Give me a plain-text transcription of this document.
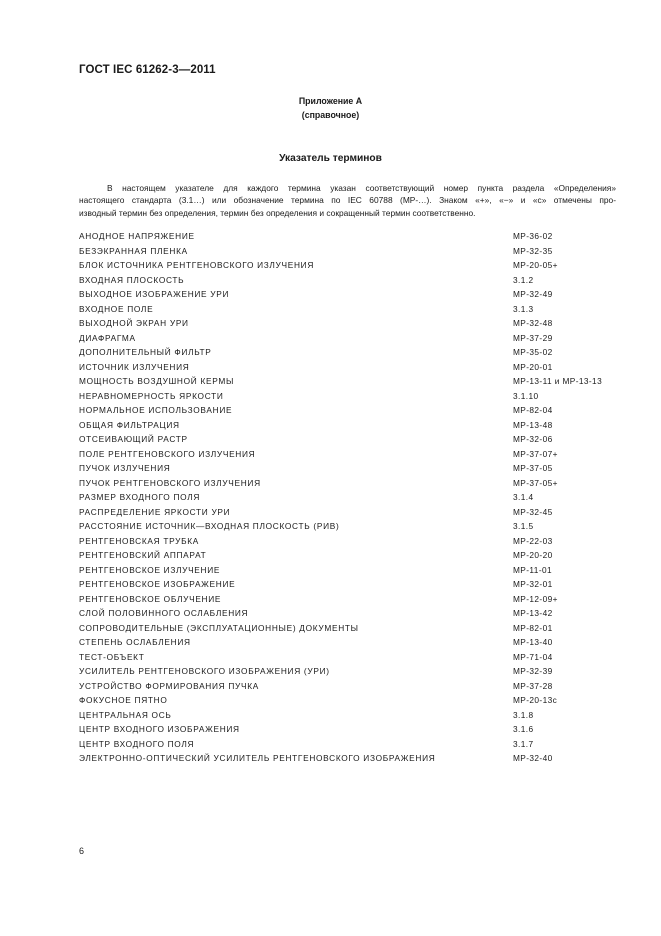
ГОСТ IEC 61262-3—2011
Приложение А
(справочное)
Указатель терминов

В настоящем указателе для каждого термина указан соответствующий номер пункта раздела «Определения»

настоящего стандарта (3.1…) или обозначение термина по IEC 60788 (МР-…). Знаком «+», «−» и «с» отмечены про-

изводный термин без определения, термин без определения и сокращенный термин соответственно.

АНОДНОЕ НАПРЯЖЕНИЕ	МР-36-02
БЕЗЭКРАННАЯ ПЛЕНКА	МР-32-35
БЛОК ИСТОЧНИКА РЕНТГЕНОВСКОГО ИЗЛУЧЕНИЯ	МР-20-05+
ВХОДНАЯ ПЛОСКОСТЬ	3.1.2
ВЫХОДНОЕ ИЗОБРАЖЕНИЕ УРИ	МР-32-49
ВХОДНОЕ ПОЛЕ	3.1.3
ВЫХОДНОЙ ЭКРАН УРИ	МР-32-48
ДИАФРАГМА	МР-37-29
ДОПОЛНИТЕЛЬНЫЙ ФИЛЬТР	МР-35-02
ИСТОЧНИК ИЗЛУЧЕНИЯ	МР-20-01
МОЩНОСТЬ ВОЗДУШНОЙ КЕРМЫ	МР-13-11 и МР-13-13
НЕРАВНОМЕРНОСТЬ ЯРКОСТИ	3.1.10
НОРМАЛЬНОЕ ИСПОЛЬЗОВАНИЕ	МР-82-04
ОБЩАЯ ФИЛЬТРАЦИЯ	МР-13-48
ОТСЕИВАЮЩИЙ РАСТР	МР-32-06
ПОЛЕ РЕНТГЕНОВСКОГО ИЗЛУЧЕНИЯ	МР-37-07+
ПУЧОК ИЗЛУЧЕНИЯ	МР-37-05
ПУЧОК РЕНТГЕНОВСКОГО ИЗЛУЧЕНИЯ	МР-37-05+
РАЗМЕР ВХОДНОГО ПОЛЯ	3.1.4
РАСПРЕДЕЛЕНИЕ ЯРКОСТИ УРИ	МР-32-45
РАССТОЯНИЕ ИСТОЧНИК—ВХОДНАЯ ПЛОСКОСТЬ (РИВ)	3.1.5
РЕНТГЕНОВСКАЯ ТРУБКА	МР-22-03
РЕНТГЕНОВСКИЙ АППАРАТ	МР-20-20
РЕНТГЕНОВСКОЕ ИЗЛУЧЕНИЕ	МР-11-01
РЕНТГЕНОВСКОЕ ИЗОБРАЖЕНИЕ	МР-32-01
РЕНТГЕНОВСКОЕ ОБЛУЧЕНИЕ	МР-12-09+
СЛОЙ ПОЛОВИННОГО ОСЛАБЛЕНИЯ	МР-13-42
СОПРОВОДИТЕЛЬНЫЕ (ЭКСПЛУАТАЦИОННЫЕ) ДОКУМЕНТЫ	МР-82-01
СТЕПЕНЬ ОСЛАБЛЕНИЯ	МР-13-40
ТЕСТ-ОБЪЕКТ	МР-71-04
УСИЛИТЕЛЬ РЕНТГЕНОВСКОГО ИЗОБРАЖЕНИЯ (УРИ)	МР-32-39
УСТРОЙСТВО ФОРМИРОВАНИЯ ПУЧКА	МР-37-28
ФОКУСНОЕ ПЯТНО	МР-20-13с
ЦЕНТРАЛЬНАЯ ОСЬ	3.1.8
ЦЕНТР ВХОДНОГО ИЗОБРАЖЕНИЯ	3.1.6
ЦЕНТР ВХОДНОГО ПОЛЯ	3.1.7
ЭЛЕКТРОННО-ОПТИЧЕСКИЙ УСИЛИТЕЛЬ РЕНТГЕНОВСКОГО ИЗОБРАЖЕНИЯ	МР-32-40
6
